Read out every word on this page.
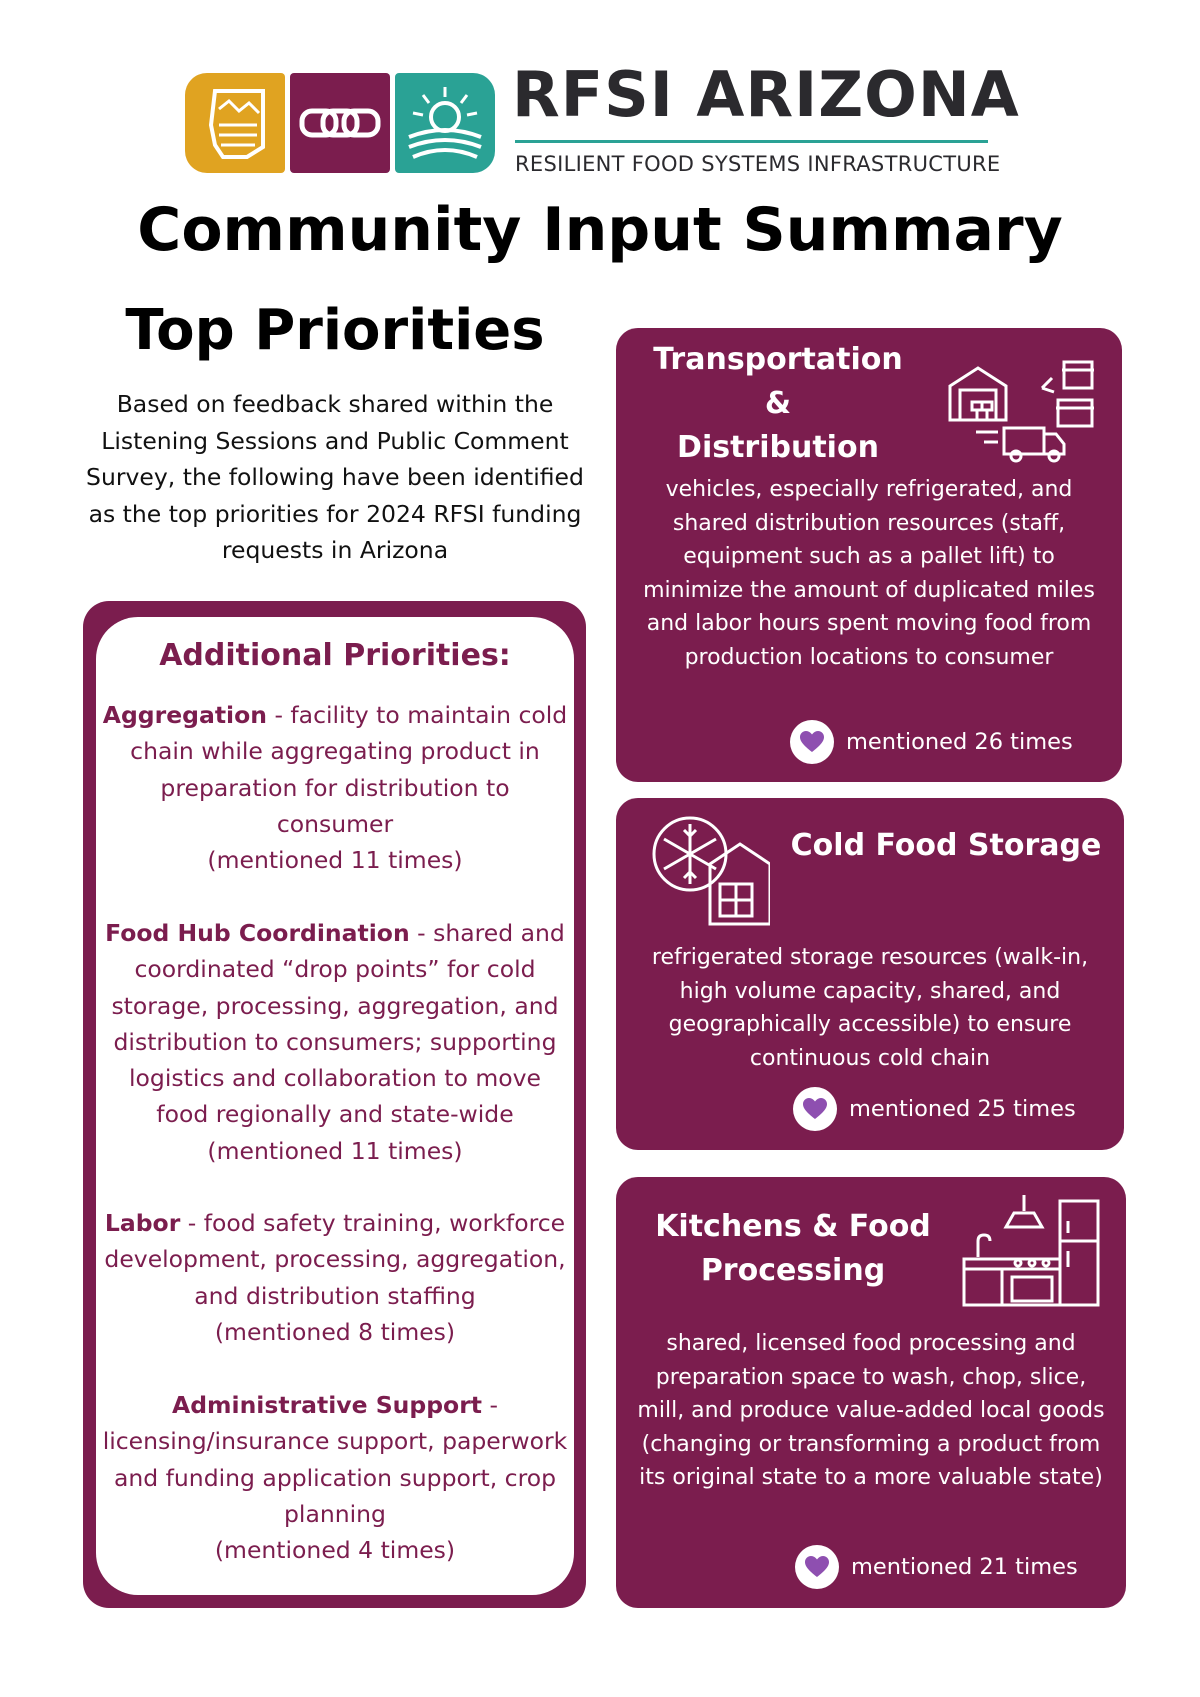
RFSI ARIZONA
RESILIENT FOOD SYSTEMS INFRASTRUCTURE
Community Input Summary
Top Priorities
Based on feedback shared within the Listening Sessions and Public Comment Survey, the following have been identified as the top priorities for 2024 RFSI funding requests in Arizona
Additional Priorities:
Aggregation - facility to maintain cold chain while aggregating product in preparation for distribution to consumer
(mentioned 11 times)
Food Hub Coordination - shared and coordinated “drop points” for cold storage, processing, aggregation, and distribution to consumers; supporting logistics and collaboration to move food regionally and state-wide
(mentioned 11 times)
Labor - food safety training, workforce development, processing, aggregation, and distribution staffing
(mentioned 8 times)
Administrative Support - licensing/insurance support, paperwork and funding application support, crop planning
(mentioned 4 times)
Transportation
&
Distribution
vehicles, especially refrigerated, and shared distribution resources (staff, equipment such as a pallet lift) to minimize the amount of duplicated miles and labor hours spent moving food from production locations to consumer
mentioned 26 times
Cold Food Storage
refrigerated storage resources (walk-in, high volume capacity, shared, and geographically accessible) to ensure continuous cold chain
mentioned 25 times
Kitchens & Food
Processing
shared, licensed food processing and preparation space to wash, chop, slice, mill, and produce value-added local goods (changing or transforming a product from its original state to a more valuable state)
mentioned 21 times
